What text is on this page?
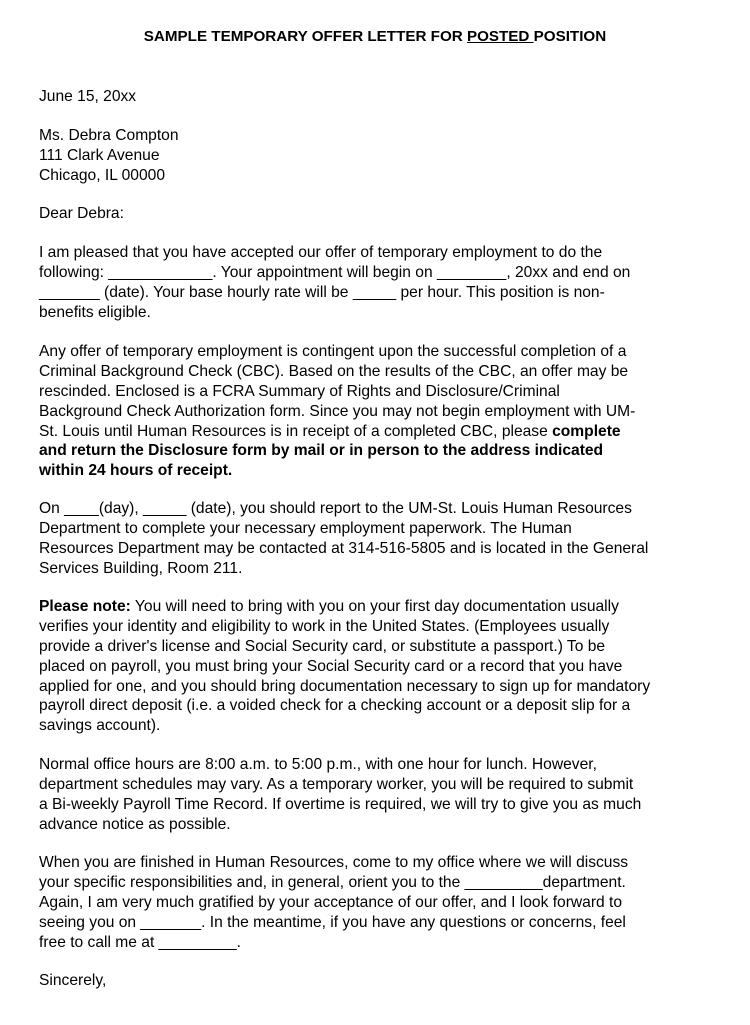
SAMPLE TEMPORARY OFFER LETTER FOR POSTED POSITION
June 15, 20xx
Ms. Debra Compton
111 Clark Avenue
Chicago, IL 00000
Dear Debra:
I am pleased that you have accepted our offer of temporary employment to do the
following: ____________. Your appointment will begin on ________, 20xx and end on
_______ (date). Your base hourly rate will be _____ per hour. This position is non-
benefits eligible.
Any offer of temporary employment is contingent upon the successful completion of a
Criminal Background Check (CBC). Based on the results of the CBC, an offer may be
rescinded. Enclosed is a FCRA Summary of Rights and Disclosure/Criminal
Background Check Authorization form. Since you may not begin employment with UM-
St. Louis until Human Resources is in receipt of a completed CBC, please complete
and return the Disclosure form by mail or in person to the address indicated
within 24 hours of receipt.
On ____(day), _____ (date), you should report to the UM-St. Louis Human Resources
Department to complete your necessary employment paperwork. The Human
Resources Department may be contacted at 314-516-5805 and is located in the General
Services Building, Room 211.
Please note: You will need to bring with you on your first day documentation usually
verifies your identity and eligibility to work in the United States. (Employees usually
provide a driver's license and Social Security card, or substitute a passport.) To be
placed on payroll, you must bring your Social Security card or a record that you have
applied for one, and you should bring documentation necessary to sign up for mandatory
payroll direct deposit (i.e. a voided check for a checking account or a deposit slip for a
savings account).
Normal office hours are 8:00 a.m. to 5:00 p.m., with one hour for lunch. However,
department schedules may vary. As a temporary worker, you will be required to submit
a Bi-weekly Payroll Time Record. If overtime is required, we will try to give you as much
advance notice as possible.
When you are finished in Human Resources, come to my office where we will discuss
your specific responsibilities and, in general, orient you to the _________department.
Again, I am very much gratified by your acceptance of our offer, and I look forward to
seeing you on _______. In the meantime, if you have any questions or concerns, feel
free to call me at _________.
Sincerely,
